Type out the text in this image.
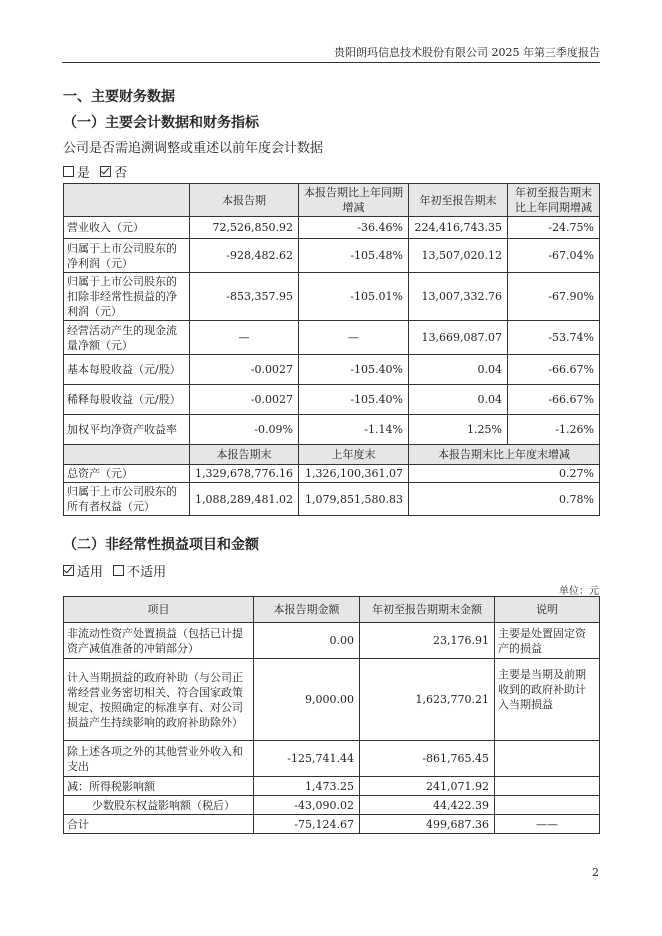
贵阳朗玛信息技术股份有限公司 2025 年第三季度报告
一、主要财务数据
（一）主要会计数据和财务指标
公司是否需追溯调整或重述以前年度会计数据
是 否
	本报告期	本报告期比上年同期增减	年初至报告期末	年初至报告期末比上年同期增减
营业收入（元）	72,526,850.92	-36.46%	224,416,743.35	-24.75%
归属于上市公司股东的净利润（元）	-928,482.62	-105.48%	13,507,020.12	-67.04%
归属于上市公司股东的扣除非经常性损益的净利润（元）	-853,357.95	-105.01%	13,007,332.76	-67.90%
经营活动产生的现金流量净额（元）	—	—	13,669,087.07	-53.74%
基本每股收益（元/股）	-0.0027	-105.40%	0.04	-66.67%
稀释每股收益（元/股）	-0.0027	-105.40%	0.04	-66.67%
加权平均净资产收益率	-0.09%	-1.14%	1.25%	-1.26%
	本报告期末	上年度末	本报告期末比上年度末增减	
总资产（元）	1,329,678,776.16	1,326,100,361.07	0.27%	
归属于上市公司股东的所有者权益（元）	1,088,289,481.02	1,079,851,580.83	0.78%	
（二）非经常性损益项目和金额
适用 不适用
单位：元
项目	本报告期金额	年初至报告期期末金额	说明
非流动性资产处置损益（包括已计提资产减值准备的冲销部分）	0.00	23,176.91	主要是处置固定资产的损益
计入当期损益的政府补助（与公司正常经营业务密切相关、符合国家政策规定、按照确定的标准享有、对公司损益产生持续影响的政府补助除外）	9,000.00	1,623,770.21	主要是当期及前期收到的政府补助计入当期损益
除上述各项之外的其他营业外收入和支出	-125,741.44	-861,765.45	
减：所得税影响额	1,473.25	241,071.92	
少数股东权益影响额（税后）	-43,090.02	44,422.39	
合计	-75,124.67	499,687.36	——
2
